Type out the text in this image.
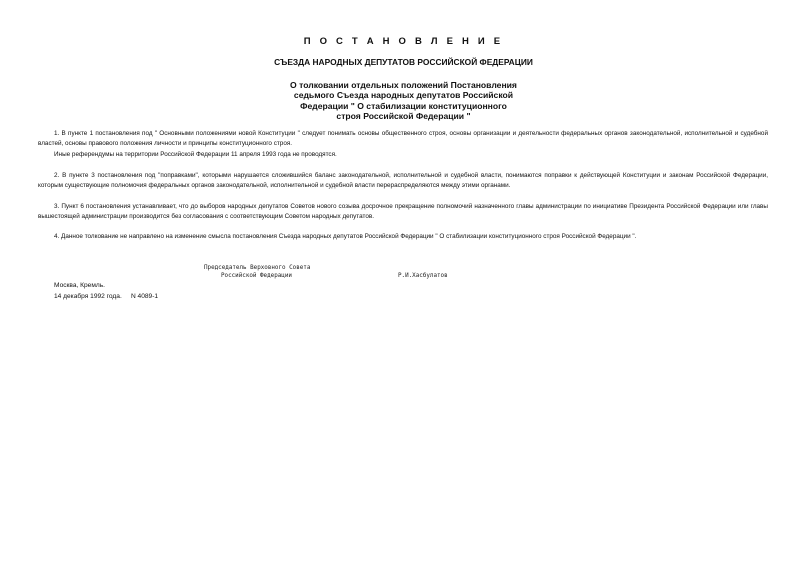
П О С Т А Н О В Л Е Н И Е
СЪЕЗДА НАРОДНЫХ ДЕПУТАТОВ РОССИЙСКОЙ ФЕДЕРАЦИИ
О толковании отдельных положений Постановления
седьмого Съезда народных депутатов Российской
Федерации " О стабилизации конституционного
строя Российской Федерации "
1. В пункте 1 постановления под " Основными положениями новой Конституции " следует понимать основы общественного строя, основы организации и деятельности федеральных органов законодательной, исполнительной и судебной властей, основы правового положения личности и принципы конституционного строя.
Иные референдумы на территории Российской Федерации 11 апреля 1993 года не проводятся.
2. В пункте 3 постановления под "поправками", которыми нарушается сложившийся баланс законодательной, исполнительной и судебной власти, понимаются поправки к действующей Конституции и законам Российской Федерации, которым существующие полномочия федеральных органов законодательной, исполнительной и судебной власти перераспределяются между этими органами.
3. Пункт 6 постановления устанавливает, что до выборов народных депутатов Советов нового созыва досрочное прекращение полномочий назначенного главы администрации по инициативе Президента Российской Федерации или главы вышестоящей администрации производится без согласования с соответствующим Советом народных депутатов.
4. Данное толкование не направлено на изменение смысла постановления Съезда народных депутатов Российской Федерации " О стабилизации конституционного строя Российской Федерации ".
Председатель Верховного Совета
Российской Федерации	Р.И.Хасбулатов
Москва, Кремль.
14 декабря 1992 года.     N 4089-1
